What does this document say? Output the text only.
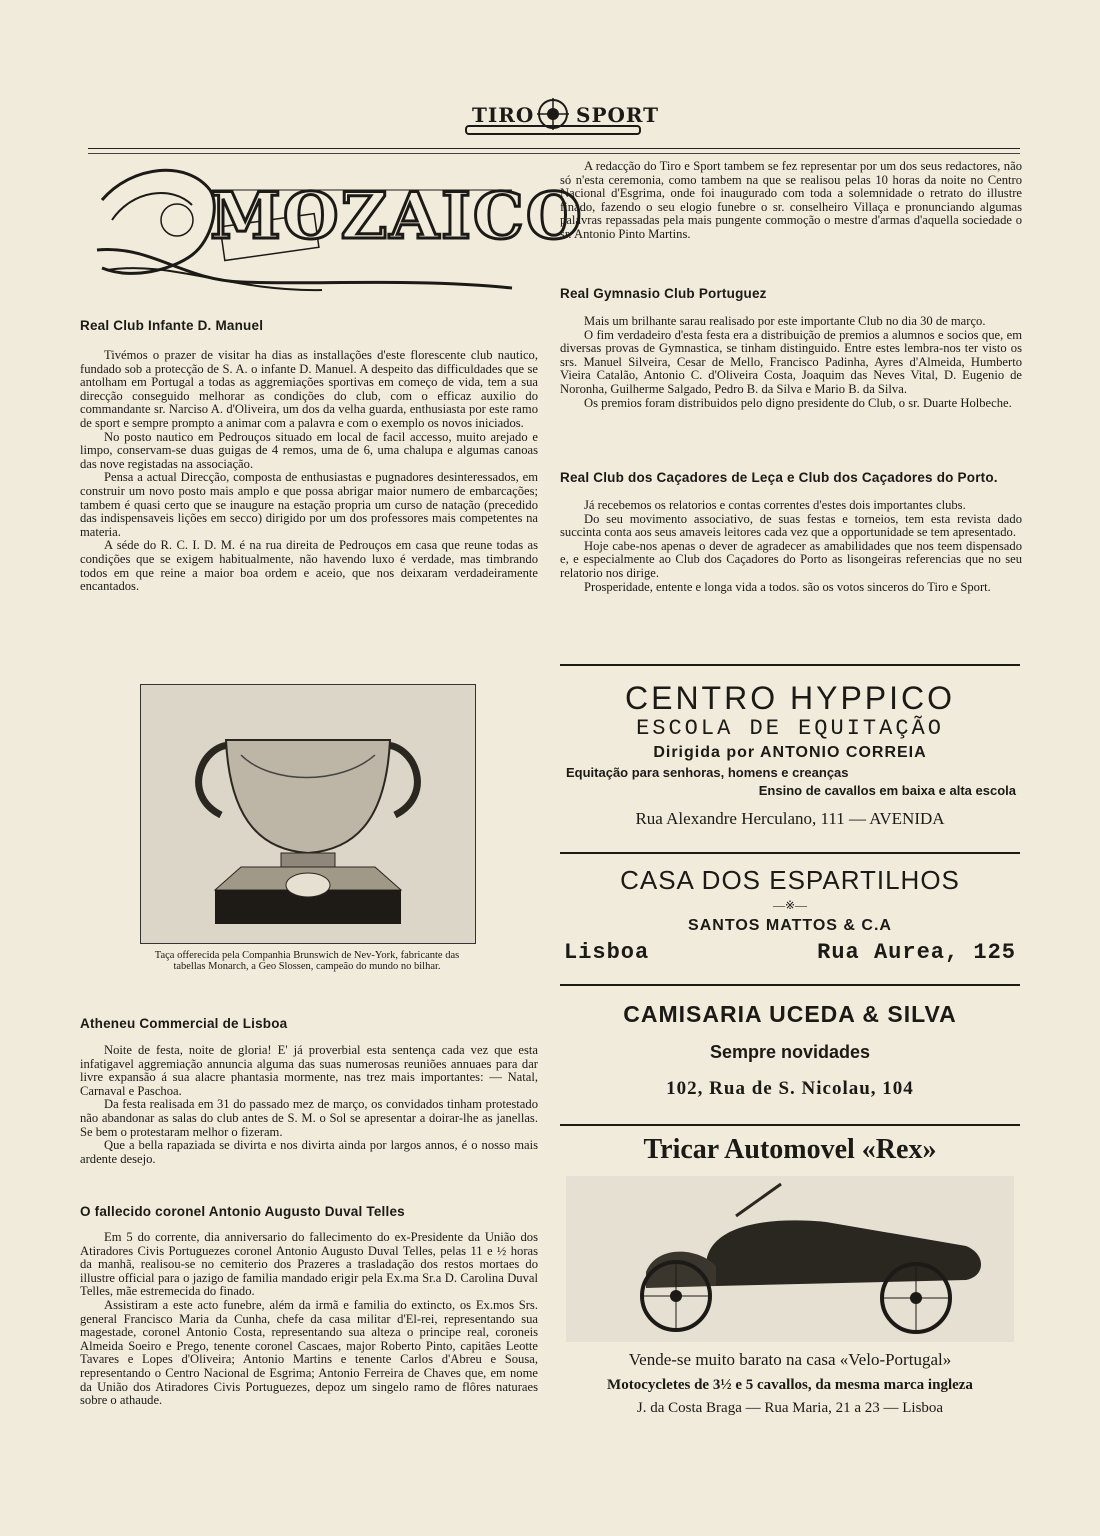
TIRO SPORT
MOZAICO
Real Club Infante D. Manuel

Tivémos o prazer de visitar ha dias as installações d'este florescente club nautico, fundado sob a protecção de S. A. o infante D. Manuel. A despeito das difficuldades que se antolham em Portugal a todas as aggremiações sportivas em começo de vida, tem a sua direcção conseguido melhorar as condições do club, com o efficaz auxilio do commandante sr. Narciso A. d'Oliveira, um dos da velha guarda, enthusiasta por este ramo de sport e sempre prompto a animar com a palavra e com o exemplo os novos iniciados.

No posto nautico em Pedrouços situado em local de facil accesso, muito arejado e limpo, conservam-se duas guigas de 4 remos, uma de 6, uma chalupa e algumas canoas das nove registadas na associação.

Pensa a actual Direcção, composta de enthusiastas e pugnadores desinteressados, em construir um novo posto mais amplo e que possa abrigar maior numero de embarcações; tambem é quasi certo que se inaugure na estação propria um curso de natação (precedido das indispensaveis lições em secco) dirigido por um dos professores mais competentes na materia.

A séde do R. C. I. D. M. é na rua direita de Pedrouços em casa que reune todas as condições que se exigem habitualmente, não havendo luxo é verdade, mas timbrando todos em que reine a maior boa ordem e aceio, que nos deixaram verdadeiramente encantados.

Taça offerecida pela Companhia Brunswich de Nev-York, fabricante das tabellas Monarch, a Geo Slossen, campeão do mundo no bilhar.

Atheneu Commercial de Lisboa

Noite de festa, noite de gloria! E' já proverbial esta sentença cada vez que esta infatigavel aggremiação annuncia alguma das suas numerosas reuniões annuaes para dar livre expansão á sua alacre phantasia mormente, nas trez mais importantes: — Natal, Carnaval e Paschoa.

Da festa realisada em 31 do passado mez de março, os convidados tinham protestado não abandonar as salas do club antes de S. M. o Sol se apresentar a doirar-lhe as janellas. Se bem o protestaram melhor o fizeram.

Que a bella rapaziada se divirta e nos divirta ainda por largos annos, é o nosso mais ardente desejo.

O fallecido coronel Antonio Augusto Duval Telles

Em 5 do corrente, dia anniversario do fallecimento do ex-Presidente da União dos Atiradores Civis Portuguezes coronel Antonio Augusto Duval Telles, pelas 11 e ½ horas da manhã, realisou-se no cemiterio dos Prazeres a trasladação dos restos mortaes do illustre official para o jazigo de familia mandado erigir pela Ex.ma Sr.a D. Carolina Duval Telles, mãe estremecida do finado.

Assistiram a este acto funebre, além da irmã e familia do extincto, os Ex.mos Srs. general Francisco Maria da Cunha, chefe da casa militar d'El-rei, representando sua magestade, coronel Antonio Costa, representando sua alteza o principe real, coroneis Almeida Soeiro e Prego, tenente coronel Cascaes, major Roberto Pinto, capitães Leotte Tavares e Lopes d'Oliveira; Antonio Martins e tenente Carlos d'Abreu e Sousa, representando o Centro Nacional de Esgrima; Antonio Ferreira de Chaves que, em nome da União dos Atiradores Civis Portuguezes, depoz um singelo ramo de flôres naturaes sobre o athaude.

A redacção do Tiro e Sport tambem se fez representar por um dos seus redactores, não só n'esta ceremonia, como tambem na que se realisou pelas 10 horas da noite no Centro Nacional d'Esgrima, onde foi inaugurado com toda a solemnidade o retrato do illustre finado, fazendo o seu elogio funebre o sr. conselheiro Villaça e pronunciando algumas palavras repassadas pela mais pungente commoção o mestre d'armas d'aquella sociedade o sr. Antonio Pinto Martins.

Real Gymnasio Club Portuguez

Mais um brilhante sarau realisado por este importante Club no dia 30 de março.

O fim verdadeiro d'esta festa era a distribuição de premios a alumnos e socios que, em diversas provas de Gymnastica, se tinham distinguido. Entre estes lembra-nos ter visto os srs. Manuel Silveira, Cesar de Mello, Francisco Padinha, Ayres d'Almeida, Humberto Vieira Catalão, Antonio C. d'Oliveira Costa, Joaquim das Neves Vital, D. Eugenio de Noronha, Guilherme Salgado, Pedro B. da Silva e Mario B. da Silva.

Os premios foram distribuidos pelo digno presidente do Club, o sr. Duarte Holbeche.

Real Club dos Caçadores de Leça e Club dos Caçadores do Porto.

Já recebemos os relatorios e contas correntes d'estes dois importantes clubs.

Do seu movimento associativo, de suas festas e torneios, tem esta revista dado succinta conta aos seus amaveis leitores cada vez que a opportunidade se tem apresentado.

Hoje cabe-nos apenas o dever de agradecer as amabilidades que nos teem dispensado e, e especialmente ao Club dos Caçadores do Porto as lisongeiras referencias que no seu relatorio nos dirige.

Prosperidade, entente e longa vida a todos. são os votos sinceros do Tiro e Sport.

CENTRO HYPPICO
ESCOLA DE EQUITAÇÃO
Dirigida por ANTONIO CORREIA
Equitação para senhoras, homens e creanças
Ensino de cavallos em baixa e alta escola
Rua Alexandre Herculano, 111 — AVENIDA
CASA DOS ESPARTILHOS
—※—
SANTOS MATTOS & C.A
Lisboa	Rua Aurea, 125
CAMISARIA UCEDA & SILVA
Sempre novidades
102, Rua de S. Nicolau, 104
Tricar Automovel «Rex»
Vende-se muito barato na casa «Velo-Portugal»
Motocycletes de 3½ e 5 cavallos, da mesma marca ingleza
J. da Costa Braga — Rua Maria, 21 a 23 — Lisboa
